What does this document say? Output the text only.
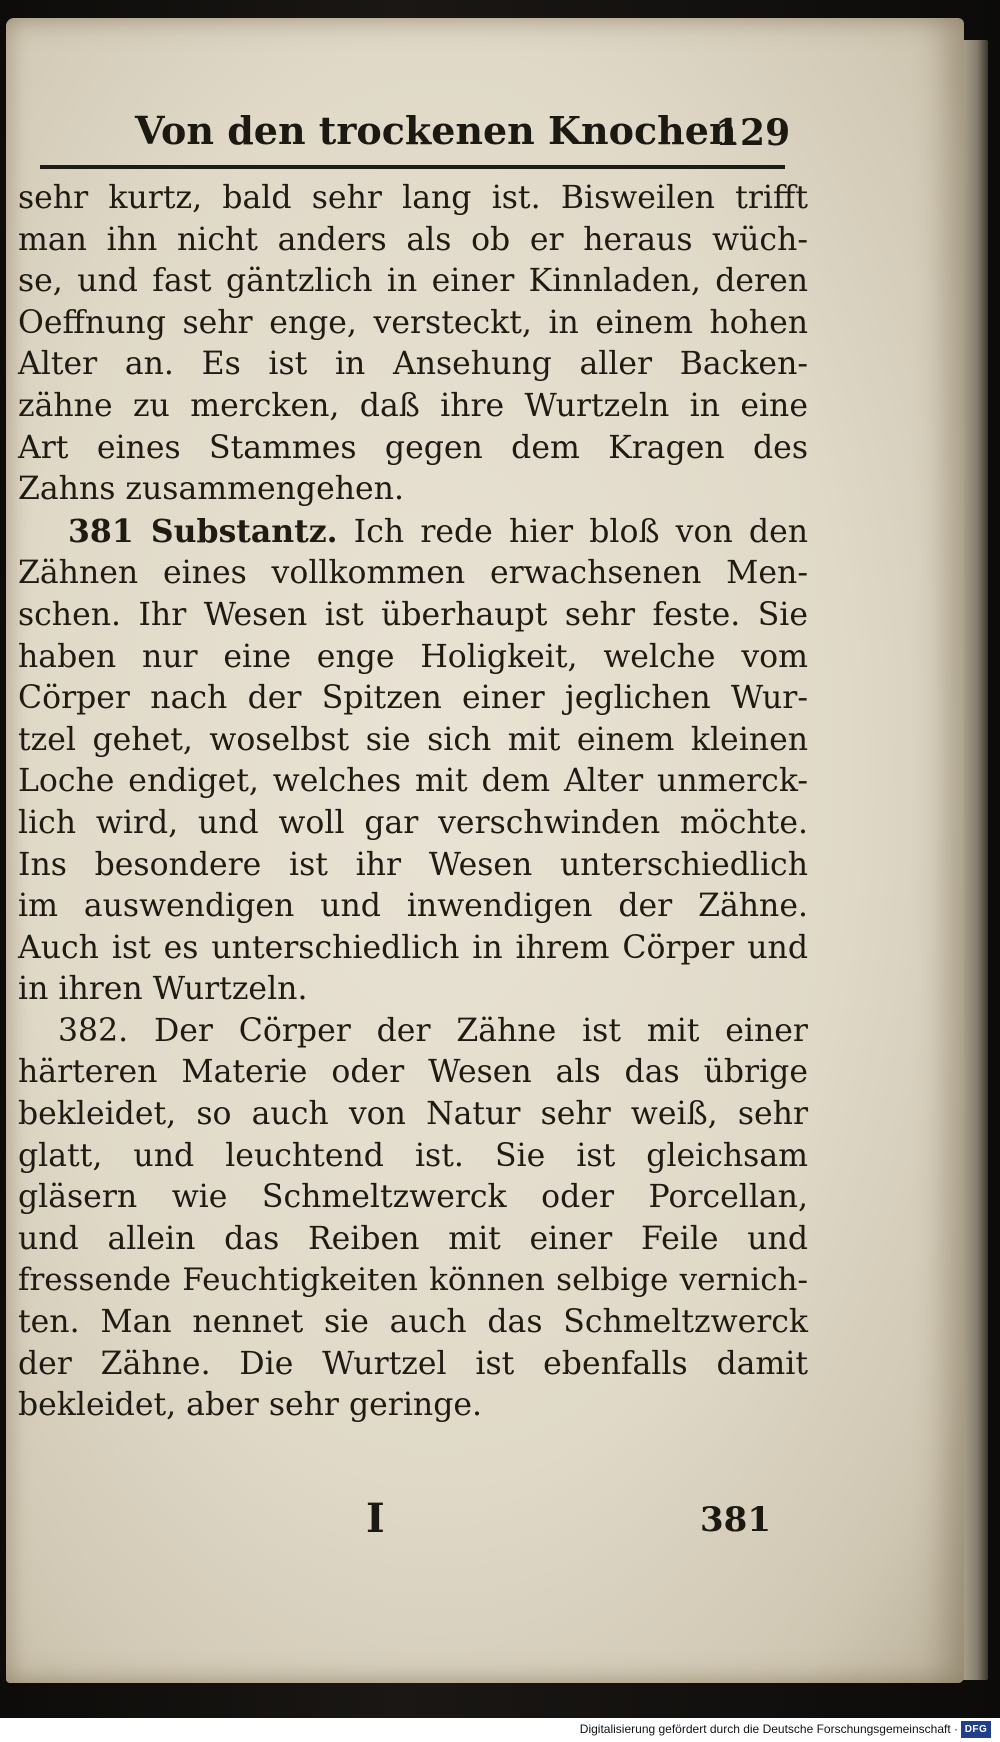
Von den trockenen Knochen
129
sehr kurtz, bald sehr lang ist. Bisweilen trifft
man ihn nicht anders als ob er heraus wüch-
se, und fast gäntzlich in einer Kinnladen, deren
Oeffnung sehr enge, versteckt, in einem hohen
Alter an. Es ist in Ansehung aller Backen-
zähne zu mercken, daß ihre Wurtzeln in eine
Art eines Stammes gegen dem Kragen des
Zahns zusammengehen.
381 Substantz. Ich rede hier bloß von den
Zähnen eines vollkommen erwachsenen Men-
schen. Ihr Wesen ist überhaupt sehr feste. Sie
haben nur eine enge Holigkeit, welche vom
Cörper nach der Spitzen einer jeglichen Wur-
tzel gehet, woselbst sie sich mit einem kleinen
Loche endiget, welches mit dem Alter unmerck-
lich wird, und woll gar verschwinden möchte.
Ins besondere ist ihr Wesen unterschiedlich
im auswendigen und inwendigen der Zähne.
Auch ist es unterschiedlich in ihrem Cörper und
in ihren Wurtzeln.
382. Der Cörper der Zähne ist mit einer
härteren Materie oder Wesen als das übrige
bekleidet, so auch von Natur sehr weiß, sehr
glatt, und leuchtend ist. Sie ist gleichsam
gläsern wie Schmeltzwerck oder Porcellan,
und allein das Reiben mit einer Feile und
fressende Feuchtigkeiten können selbige vernich-
ten. Man nennet sie auch das Schmeltzwerck
der Zähne. Die Wurtzel ist ebenfalls damit
bekleidet, aber sehr geringe.
I	381
Digitalisierung gefördert durch die Deutsche Forschungsgemeinschaft · DFG
